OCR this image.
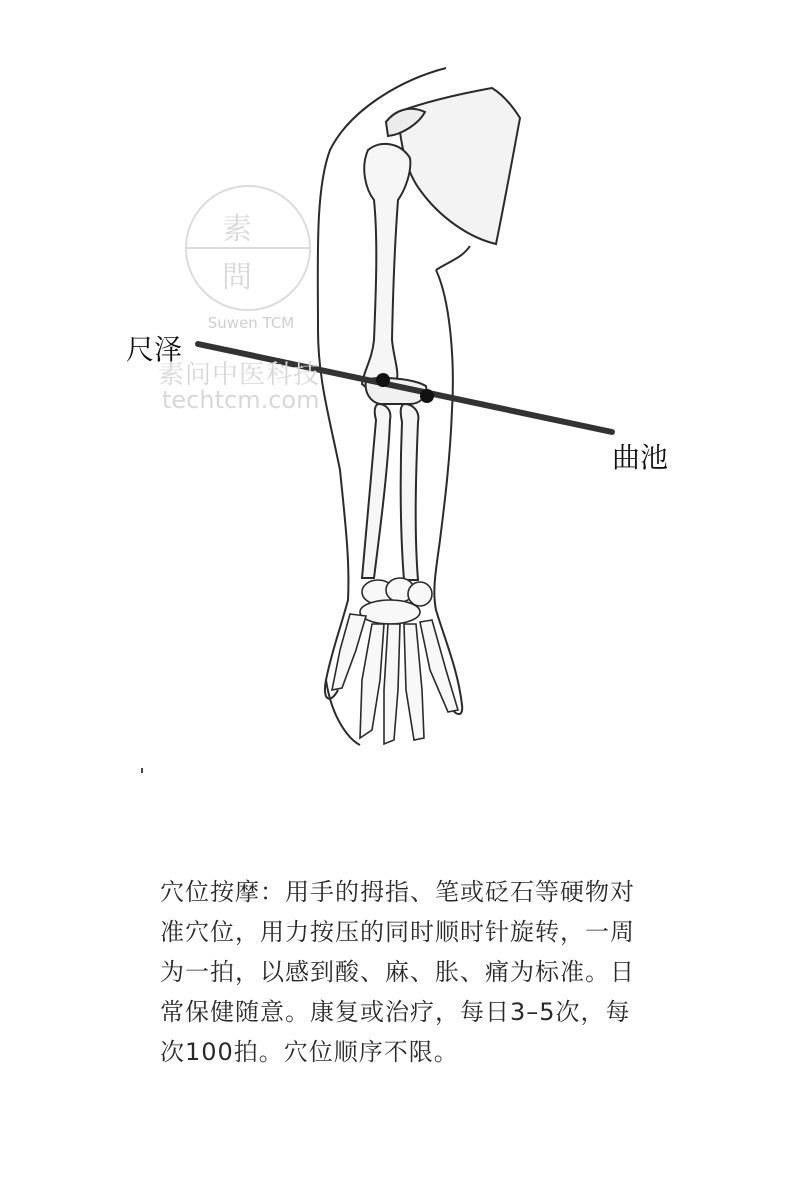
素
問
Suwen TCM
素问中医科技
techtcm.com
尺泽
曲池

穴位按摩：用手的拇指、笔或砭石等硬物对准穴位，用力按压的同时顺时针旋转，一周为一拍，以感到酸、麻、胀、痛为标准。日常保健随意。康复或治疗，每日3–5次，每次100拍。穴位顺序不限。
